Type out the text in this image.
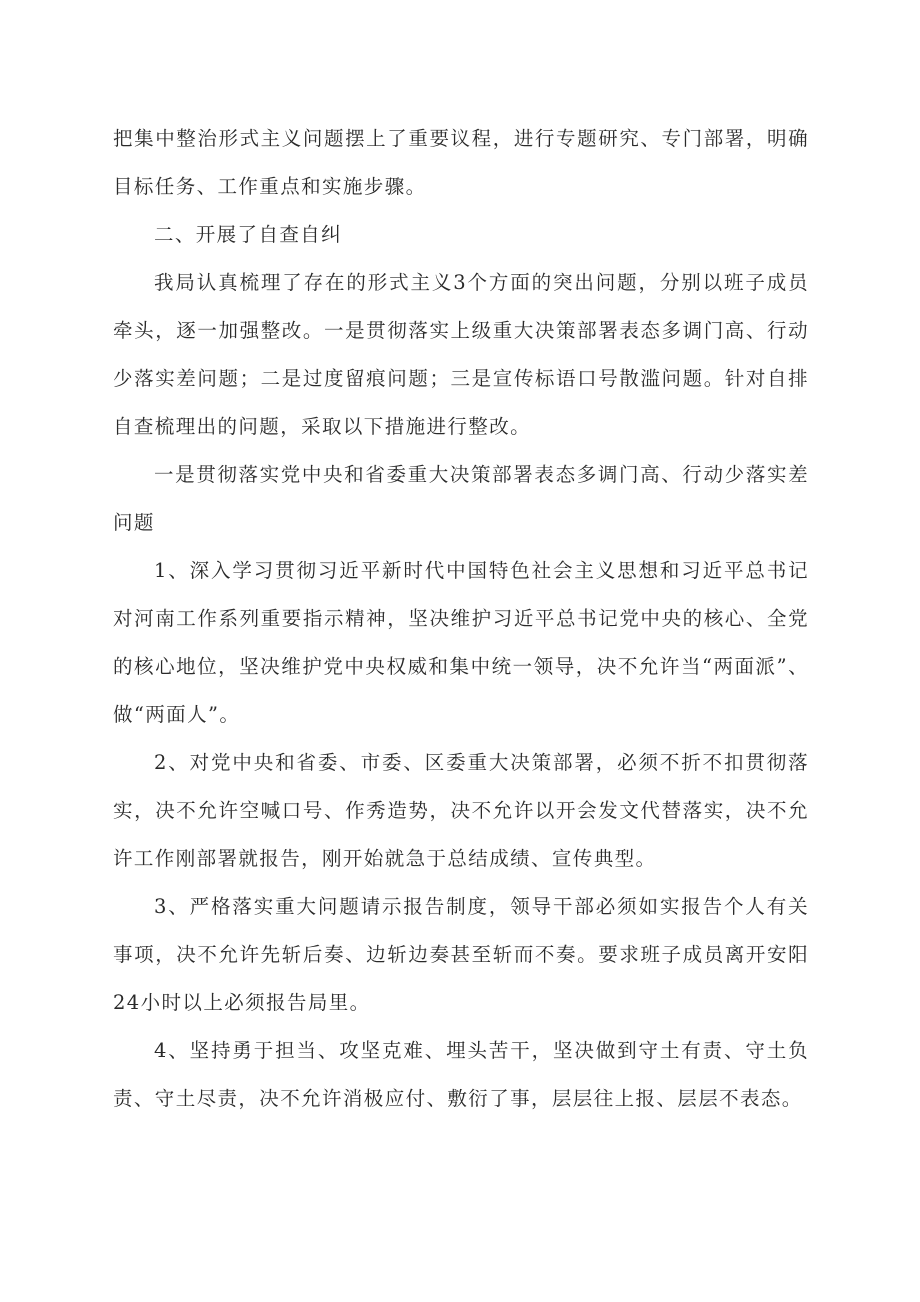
把集中整治形式主义问题摆上了重要议程，进行专题研究、专门部署，明确目标任务、工作重点和实施步骤。

二、开展了自查自纠

我局认真梳理了存在的形式主义3个方面的突出问题，分别以班子成员牵头，逐一加强整改。一是贯彻落实上级重大决策部署表态多调门高、行动少落实差问题；二是过度留痕问题；三是宣传标语口号散滥问题。针对自排自查梳理出的问题，采取以下措施进行整改。

一是贯彻落实党中央和省委重大决策部署表态多调门高、行动少落实差问题

1、深入学习贯彻习近平新时代中国特色社会主义思想和习近平总书记对河南工作系列重要指示精神，坚决维护习近平总书记党中央的核心、全党的核心地位，坚决维护党中央权威和集中统一领导，决不允许当“两面派”、做“两面人”。

2、对党中央和省委、市委、区委重大决策部署，必须不折不扣贯彻落实，决不允许空喊口号、作秀造势，决不允许以开会发文代替落实，决不允许工作刚部署就报告，刚开始就急于总结成绩、宣传典型。

3、严格落实重大问题请示报告制度，领导干部必须如实报告个人有关事项，决不允许先斩后奏、边斩边奏甚至斩而不奏。要求班子成员离开安阳24小时以上必须报告局里。

4、坚持勇于担当、攻坚克难、埋头苦干，坚决做到守土有责、守土负责、守土尽责，决不允许消极应付、敷衍了事，层层往上报、层层不表态。
